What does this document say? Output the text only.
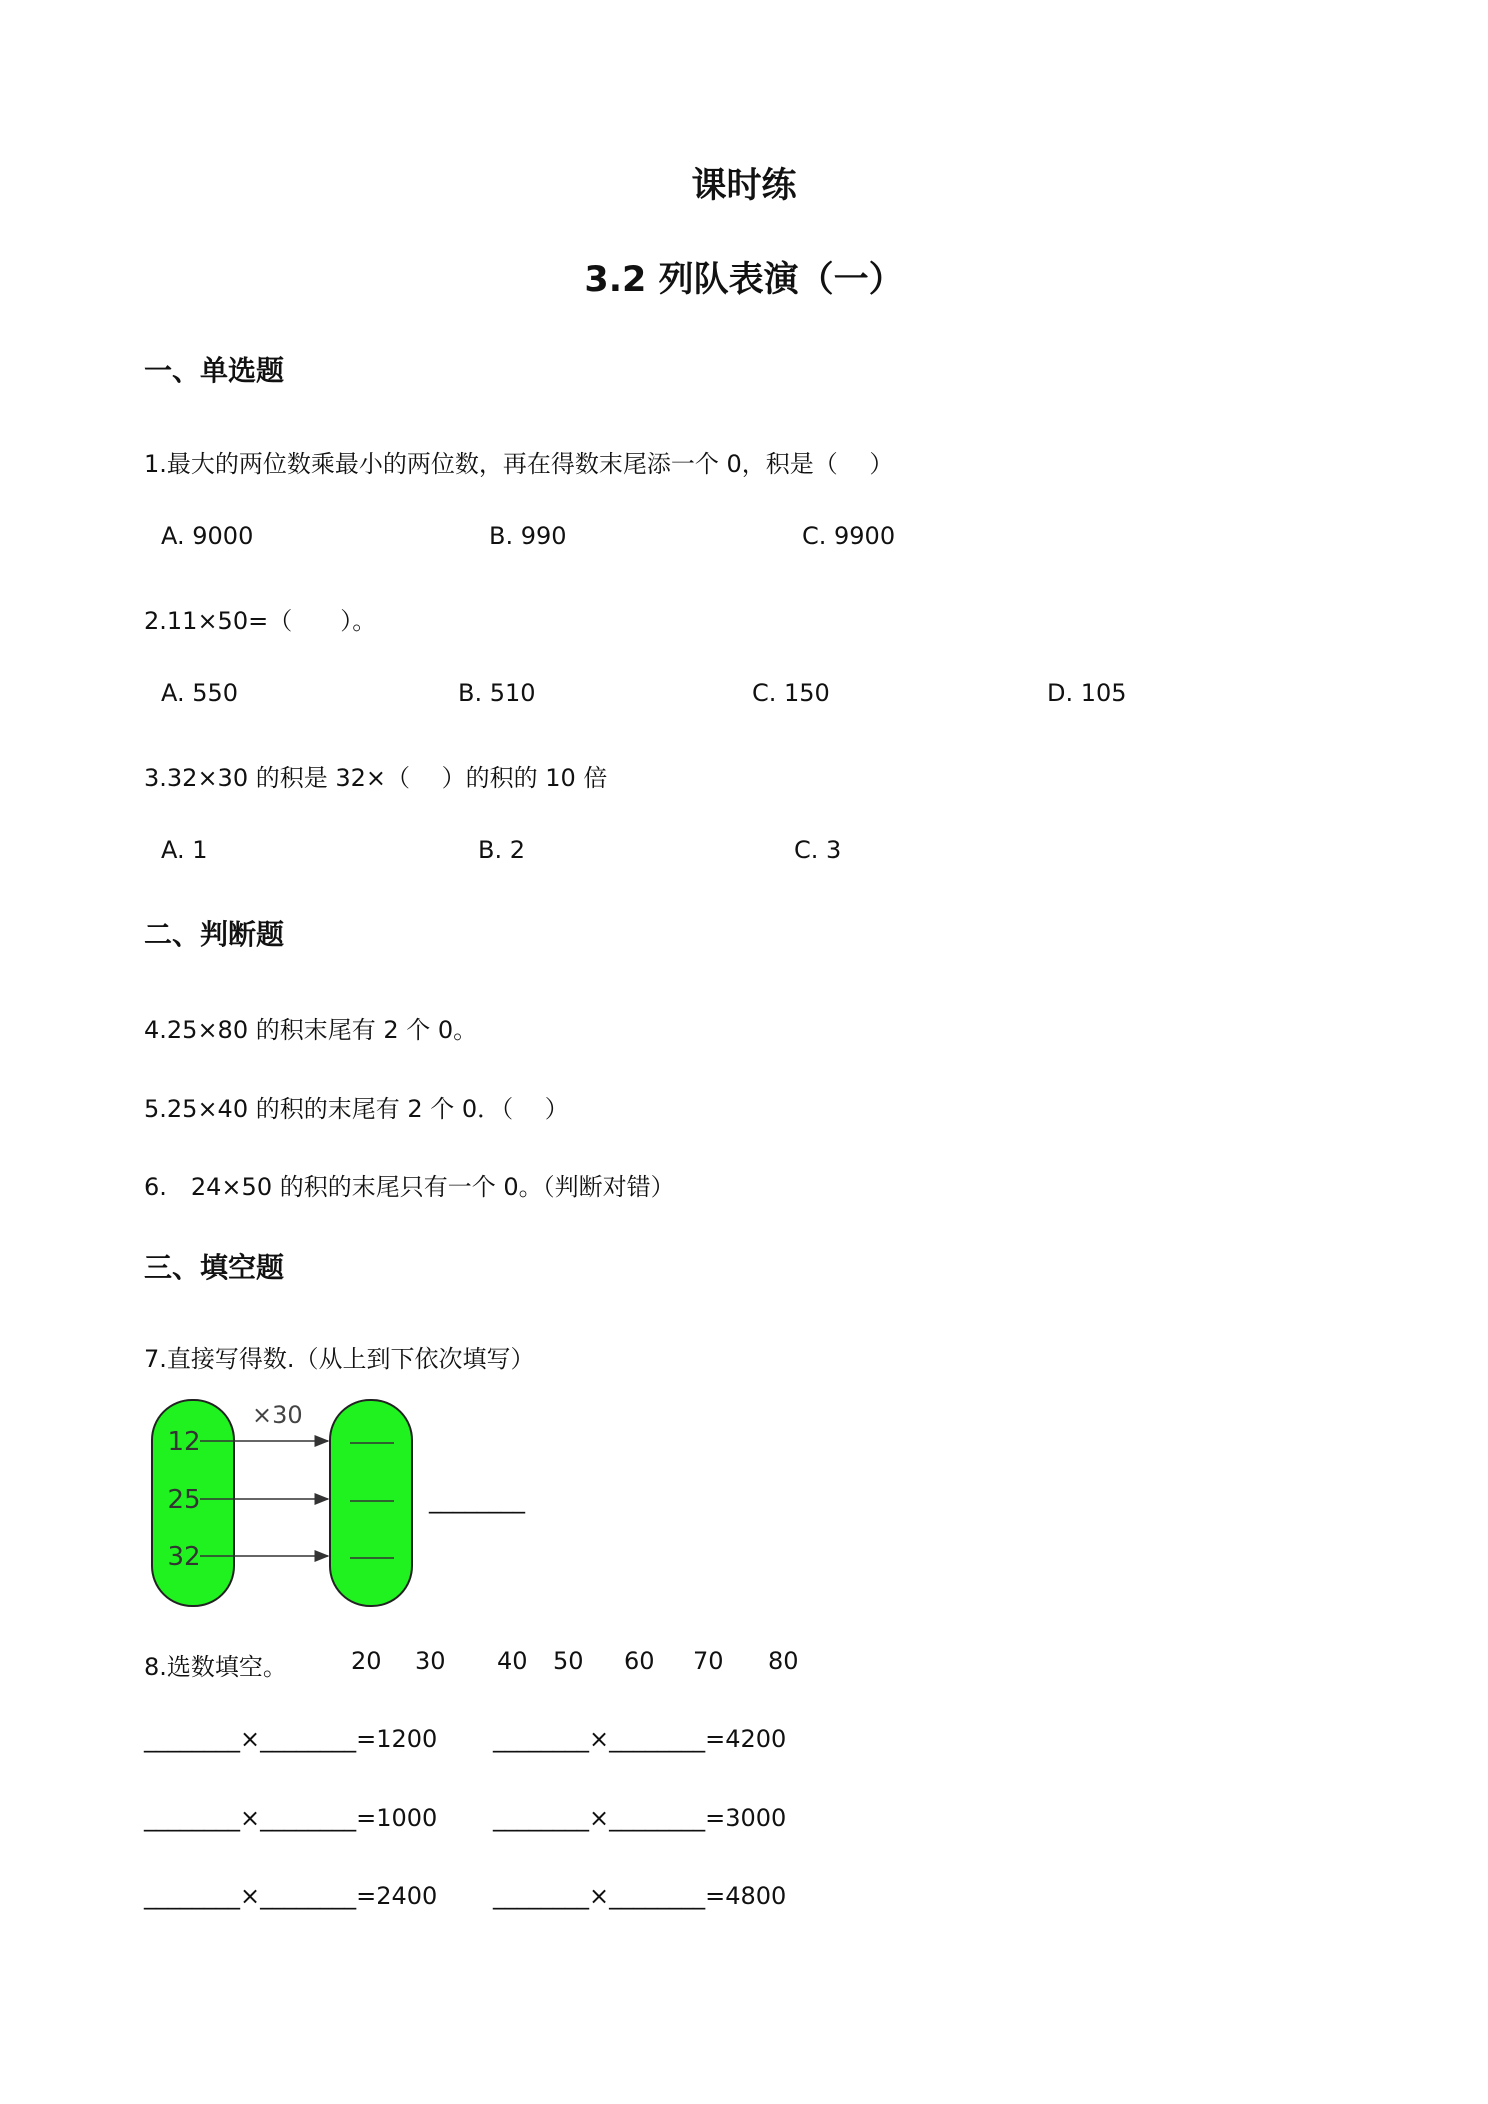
课时练
3.2 列队表演（一）
一、单选题
1.最大的两位数乘最小的两位数，再在得数末尾添一个 0，积是（　 ）
A. 9000	B. 990	C. 9900
2.11×50=（　　）。
A. 550	B. 510	C. 150	D. 105
3.32×30 的积是 32×（　 ）的积的 10 倍
A. 1	B. 2	C. 3
二、判断题
4.25×80 的积末尾有 2 个 0。
5.25×40 的积的末尾有 2 个 0．（　 ）
6.　24×50 的积的末尾只有一个 0。（判断对错）
三、填空题
7.直接写得数.（从上到下依次填写）
×30
12
25
32
________
8.选数填空。	20 30 40 50 60 70 80
________×________=1200 ________×________=4200
________×________=1000 ________×________=3000
________×________=2400 ________×________=4800
